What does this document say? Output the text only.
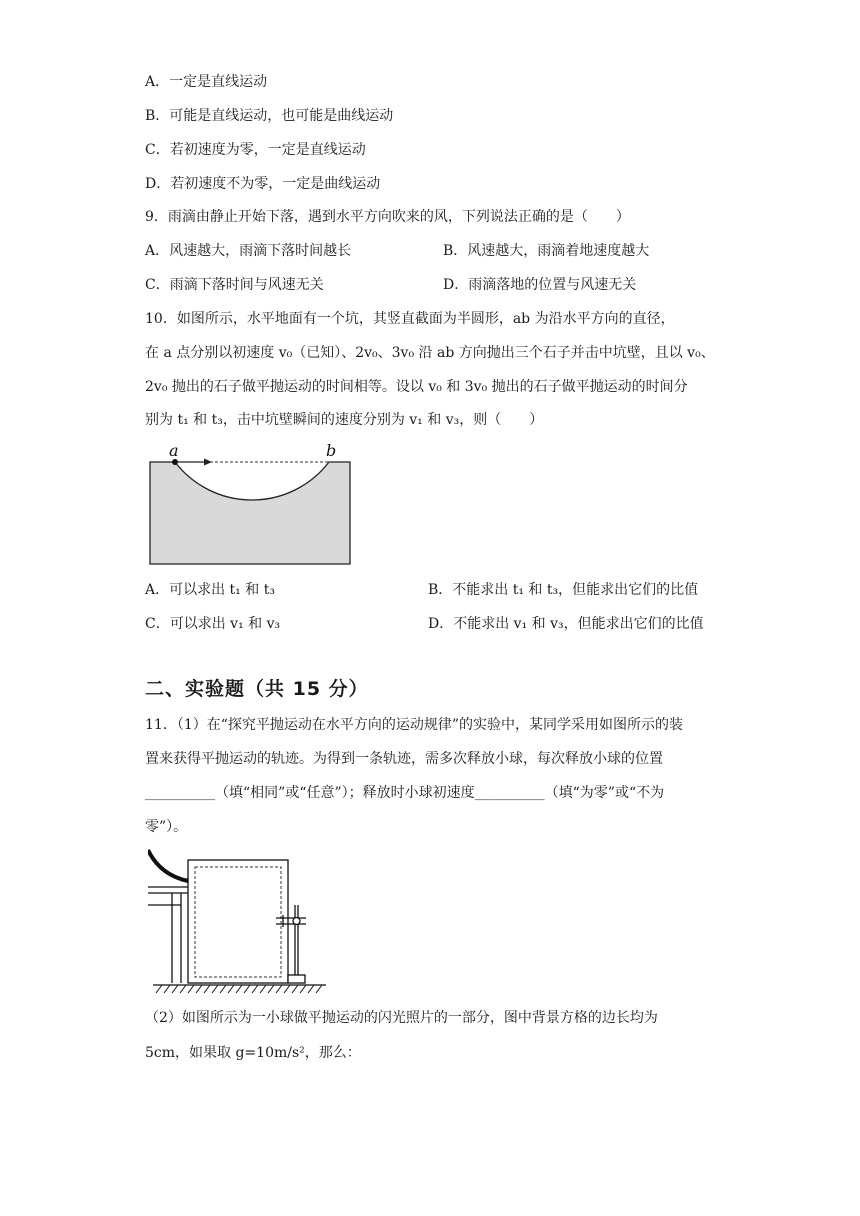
A．一定是直线运动
B．可能是直线运动，也可能是曲线运动
C．若初速度为零，一定是直线运动
D．若初速度不为零，一定是曲线运动
9．雨滴由静止开始下落，遇到水平方向吹来的风，下列说法正确的是（　　）
A．风速越大，雨滴下落时间越长	B．风速越大，雨滴着地速度越大
C．雨滴下落时间与风速无关	D．雨滴落地的位置与风速无关
10．如图所示，水平地面有一个坑，其竖直截面为半圆形，ab 为沿水平方向的直径，
在 a 点分别以初速度 v₀（已知）、2v₀、3v₀ 沿 ab 方向抛出三个石子并击中坑壁，且以 v₀、
2v₀ 抛出的石子做平抛运动的时间相等。设以 v₀ 和 3v₀ 抛出的石子做平抛运动的时间分
别为 t₁ 和 t₃，击中坑壁瞬间的速度分别为 v₁ 和 v₃，则（　　）
a	b
A．可以求出 t₁ 和 t₃	B．不能求出 t₁ 和 t₃，但能求出它们的比值
C．可以求出 v₁ 和 v₃	D．不能求出 v₁ 和 v₃，但能求出它们的比值
二、实验题（共 15 分）
11．（1）在“探究平抛运动在水平方向的运动规律”的实验中，某同学采用如图所示的装
置来获得平抛运动的轨迹。为得到一条轨迹，需多次释放小球，每次释放小球的位置
__________（填“相同”或“任意”）；释放时小球初速度__________（填“为零”或“不为
零”）。
（2）如图所示为一小球做平抛运动的闪光照片的一部分，图中背景方格的边长均为
5cm，如果取 g=10m/s²，那么：
